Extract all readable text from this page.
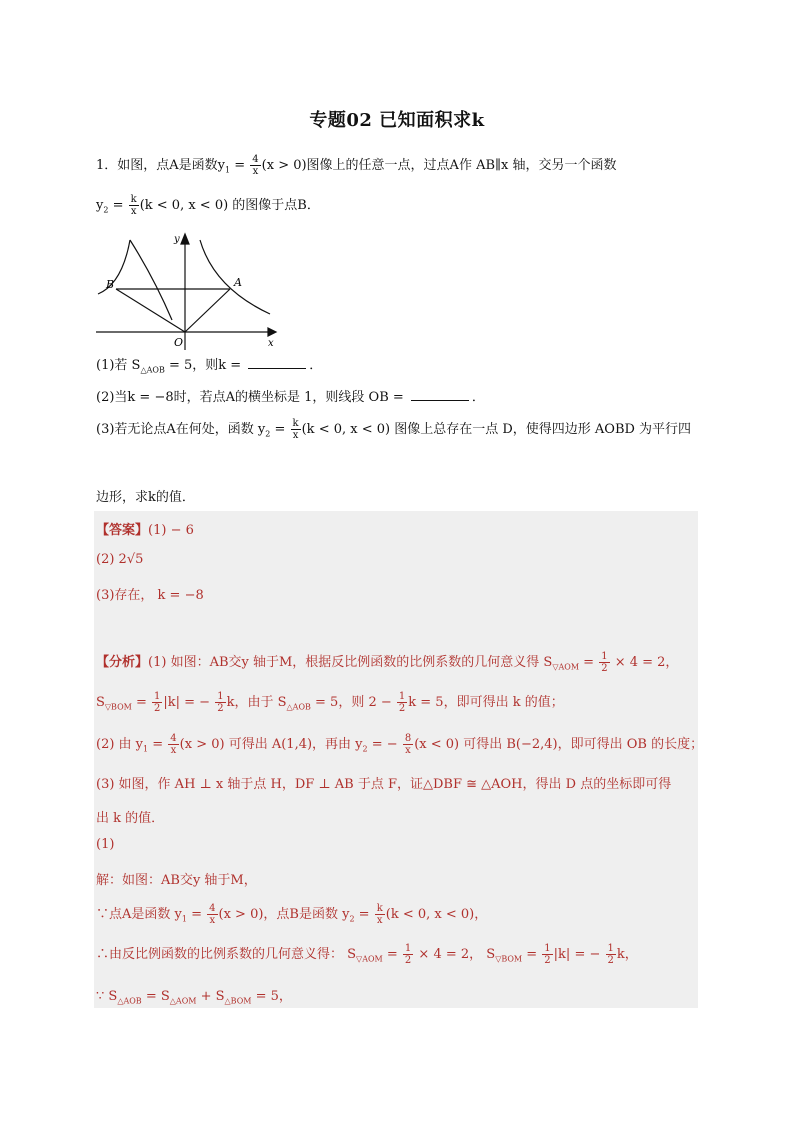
专题02 已知面积求k
1．如图，点A是函数$y_1 = \frac{4}{x} (x > 0)$图像上的任意一点，过点A作 AB∥x 轴，交另一个函数
$y_2 = \frac{k}{x} (k < 0$, x < 0) 的图像于点B．
y
x
O
A
B
(1)若 $S_{\triangle AOB} = 5$，则k =	．
(2)当k = −8时，若点A的横坐标是 1，则线段 OB =	．
(3)若无论点A在何处，函数 $y_2 = \frac{k}{x} (k < 0$, x < 0) 图像上总存在一点 D，使得四边形 AOBD 为平行四
边形，求k的值．
【答案】(1) − 6
(2) 2√5
(3)存在， k = −8
【分析】(1) 如图：AB交y 轴于M，根据反比例函数的比例系数的几何意义得 $S_{▽AOM} = \frac{1}{2} \times 4 = 2$，
$S_{▽BOM} = \frac{1}{2} |k|$ = − $\frac{1}{2}$ k，由于 $S_{\triangle AOB} = 5$，则 $2 - \frac{1}{2}$ k = 5，即可得出 k 的值；
(2) 由 $y_1 = \frac{4}{x} (x > 0)$ 可得出 A(1,4)，再由 $y_2$ = − $\frac{8}{x} (x < 0)$ 可得出 B(−2,4)，即可得出 OB 的长度；
(3) 如图，作 AH ⊥ x 轴于点 H，DF ⊥ AB 于点 F，证△DBF ≅ △AOH，得出 D 点的坐标即可得
出 k 的值．
(1)
解：如图：AB交y 轴于M，
∵点A是函数 $y_1 = \frac{4}{x} (x > 0)$，点B是函数 $y_2 = \frac{k}{x} (k < 0$, x < 0)，
∴由反比例函数的比例系数的几何意义得： $S_{▽AOM} = \frac{1}{2} \times 4 = 2$， $S_{▽BOM} = \frac{1}{2} |k|$ = − $\frac{1}{2}$ k，
∵ $S_{\triangle AOB} = S_{\triangle AOM} + S_{\triangle BOM} = 5$，
